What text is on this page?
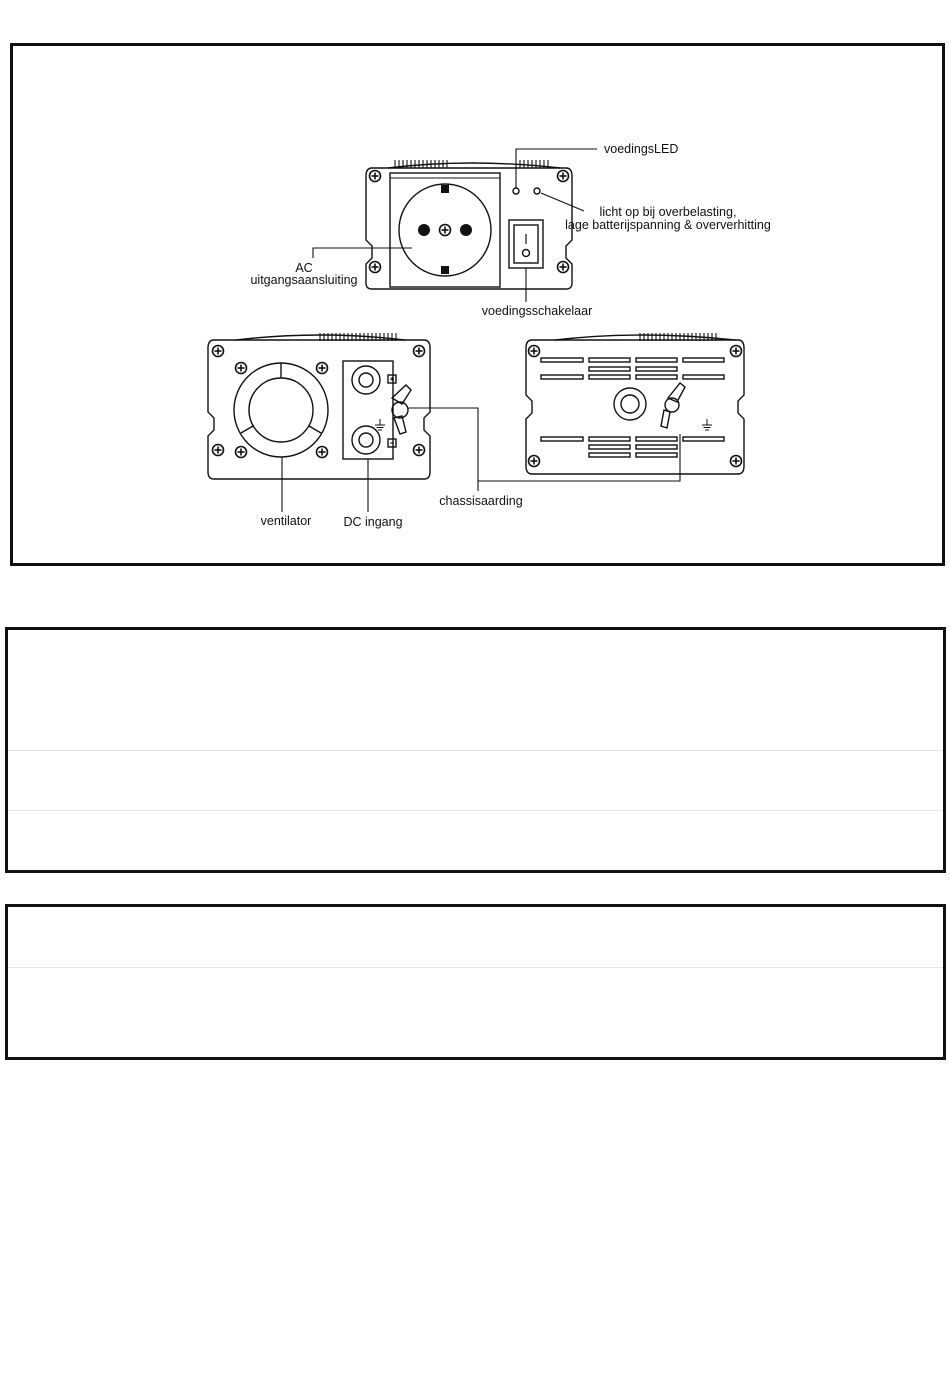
voedingsLED
licht op bij overbelasting,
lage batterijspanning & oververhitting
AC
uitgangsaansluiting
voedingsschakelaar
chassisaarding
ventilator	DC ingang
